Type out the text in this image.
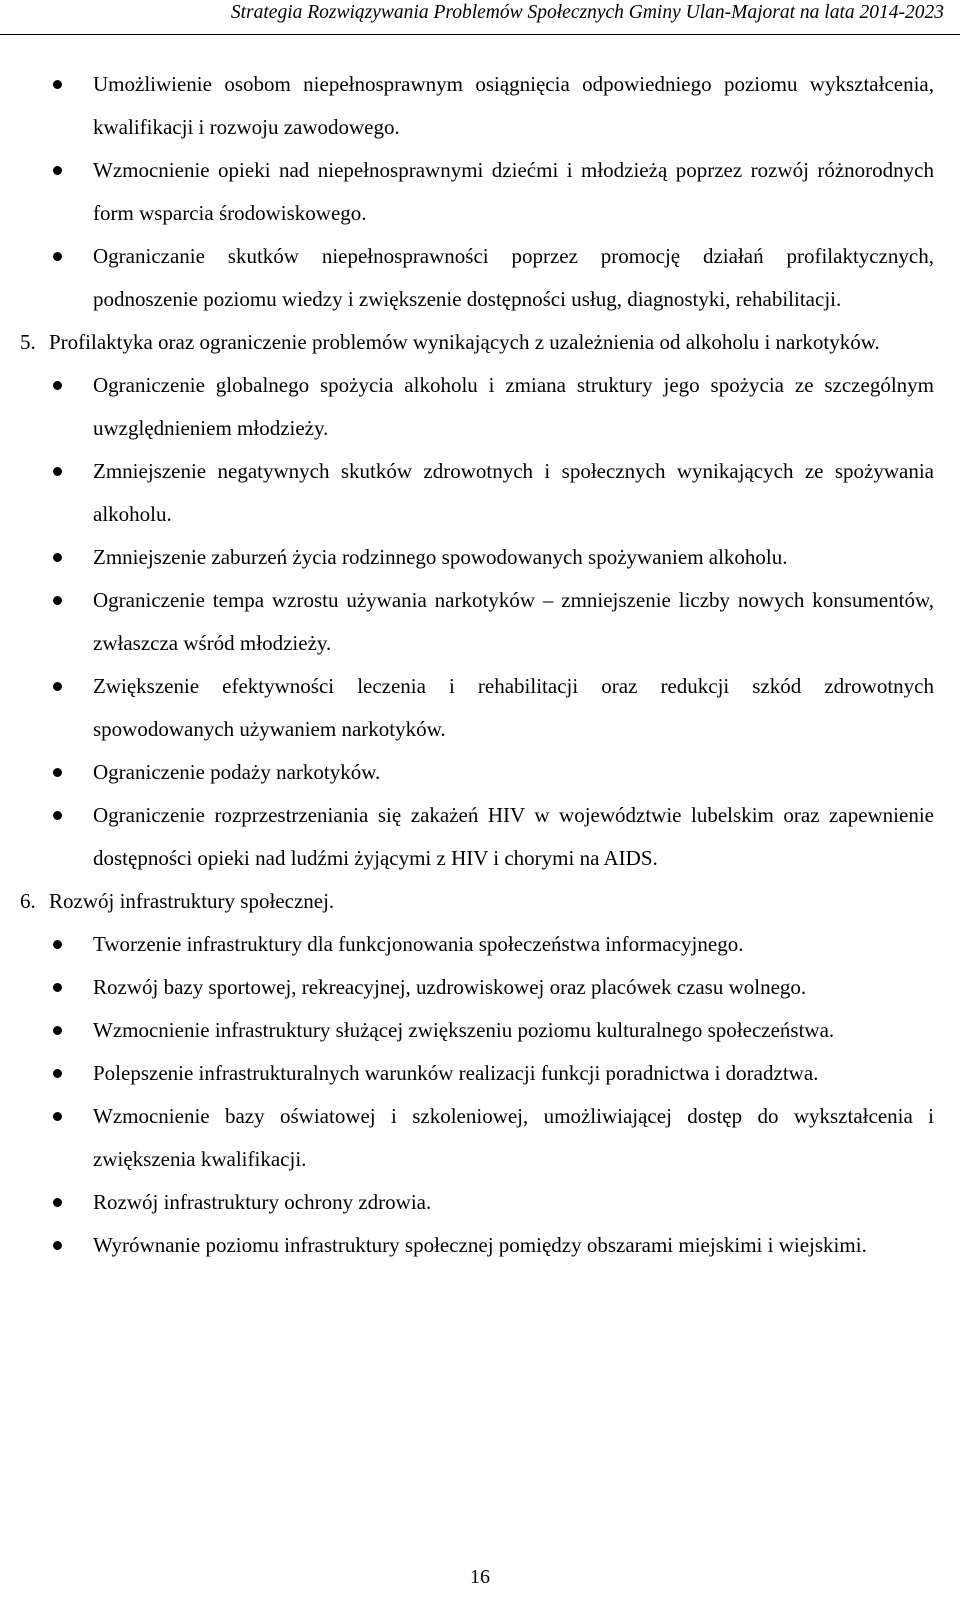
Strategia Rozwiązywania Problemów Społecznych Gminy Ulan-Majorat na lata 2014-2023
Umożliwienie osobom niepełnosprawnym osiągnięcia odpowiedniego poziomu wykształcenia, kwalifikacji i rozwoju zawodowego.
Wzmocnienie opieki nad niepełnosprawnymi dziećmi i młodzieżą poprzez rozwój różnorodnych form wsparcia środowiskowego.
Ograniczanie skutków niepełnosprawności poprzez promocję działań profilaktycznych, podnoszenie poziomu wiedzy i zwiększenie dostępności usług, diagnostyki, rehabilitacji.
5. Profilaktyka oraz ograniczenie problemów wynikających z uzależnienia od alkoholu i narkotyków.
Ograniczenie globalnego spożycia alkoholu i zmiana struktury jego spożycia ze szczególnym uwzględnieniem młodzieży.
Zmniejszenie negatywnych skutków zdrowotnych i społecznych wynikających ze spożywania alkoholu.
Zmniejszenie zaburzeń życia rodzinnego spowodowanych spożywaniem alkoholu.
Ograniczenie tempa wzrostu używania narkotyków – zmniejszenie liczby nowych konsumentów, zwłaszcza wśród młodzieży.
Zwiększenie efektywności leczenia i rehabilitacji oraz redukcji szkód zdrowotnych spowodowanych używaniem narkotyków.
Ograniczenie podaży narkotyków.
Ograniczenie rozprzestrzeniania się zakażeń HIV w województwie lubelskim oraz zapewnienie dostępności opieki nad ludźmi żyjącymi z HIV i chorymi na AIDS.
6. Rozwój infrastruktury społecznej.
Tworzenie infrastruktury dla funkcjonowania społeczeństwa informacyjnego.
Rozwój bazy sportowej, rekreacyjnej, uzdrowiskowej oraz placówek czasu wolnego.
Wzmocnienie infrastruktury służącej zwiększeniu poziomu kulturalnego społeczeństwa.
Polepszenie infrastrukturalnych warunków realizacji funkcji poradnictwa i doradztwa.
Wzmocnienie bazy oświatowej i szkoleniowej, umożliwiającej dostęp do wykształcenia i zwiększenia kwalifikacji.
Rozwój infrastruktury ochrony zdrowia.
Wyrównanie poziomu infrastruktury społecznej pomiędzy obszarami miejskimi i wiejskimi.
16
